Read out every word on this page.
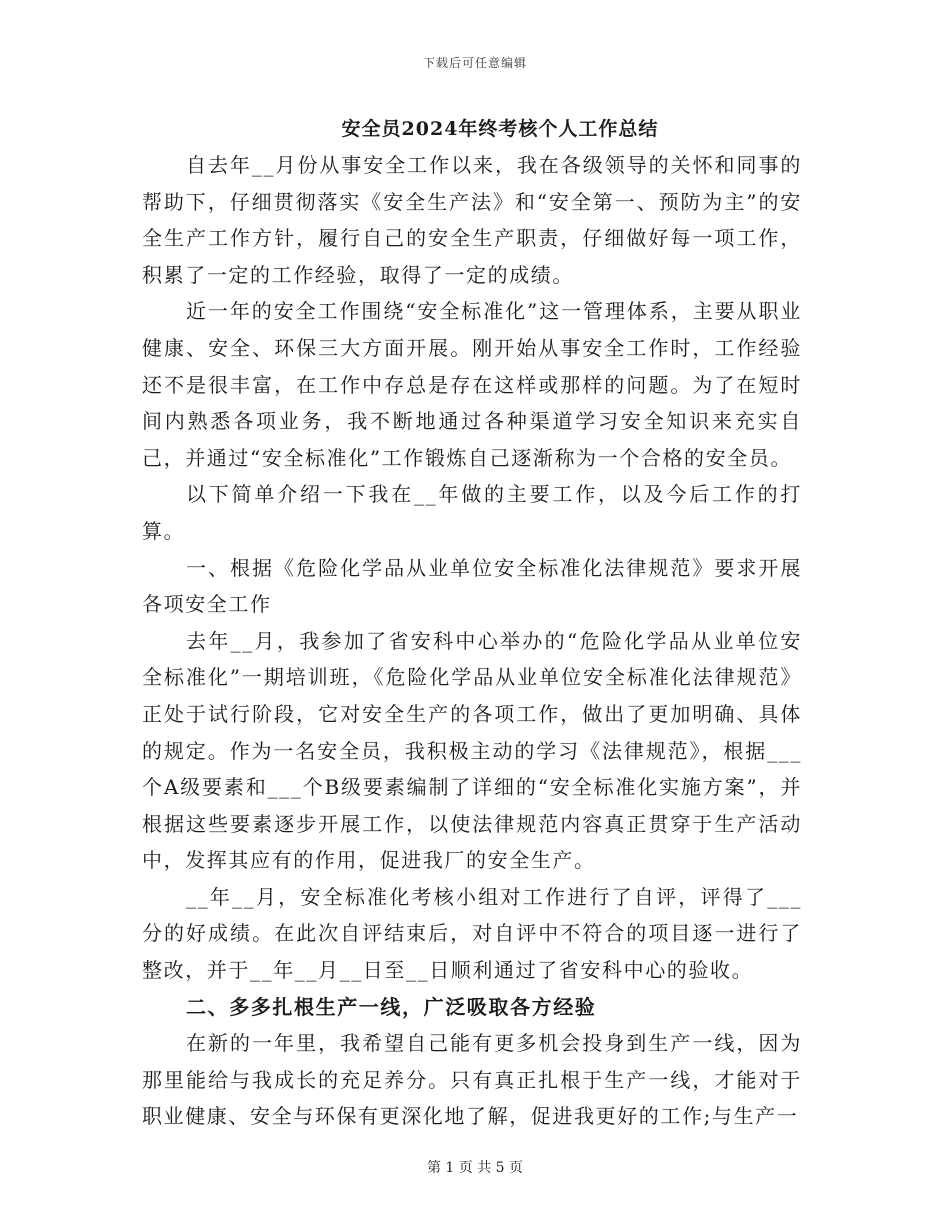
下载后可任意编辑
安全员2024年终考核个人工作总结

自去年__月份从事安全工作以来，我在各级领导的关怀和同事的帮助下，仔细贯彻落实《安全生产法》和“安全第一、预防为主”的安全生产工作方针，履行自己的安全生产职责，仔细做好每一项工作，积累了一定的工作经验，取得了一定的成绩。

近一年的安全工作围绕“安全标准化”这一管理体系，主要从职业健康、安全、环保三大方面开展。刚开始从事安全工作时，工作经验还不是很丰富，在工作中存总是存在这样或那样的问题。为了在短时间内熟悉各项业务，我不断地通过各种渠道学习安全知识来充实自己，并通过“安全标准化”工作锻炼自己逐渐称为一个合格的安全员。

以下简单介绍一下我在__年做的主要工作，以及今后工作的打算。

一、根据《危险化学品从业单位安全标准化法律规范》要求开展各项安全工作

去年__月，我参加了省安科中心举办的“危险化学品从业单位安全标准化”一期培训班，《危险化学品从业单位安全标准化法律规范》正处于试行阶段，它对安全生产的各项工作，做出了更加明确、具体的规定。作为一名安全员，我积极主动的学习《法律规范》，根据___个A级要素和___个B级要素编制了详细的“安全标准化实施方案”，并根据这些要素逐步开展工作，以使法律规范内容真正贯穿于生产活动中，发挥其应有的作用，促进我厂的安全生产。

__年__月，安全标准化考核小组对工作进行了自评，评得了___分的好成绩。在此次自评结束后，对自评中不符合的项目逐一进行了整改，并于__年__月__日至__日顺利通过了省安科中心的验收。

二、多多扎根生产一线，广泛吸取各方经验

在新的一年里，我希望自己能有更多机会投身到生产一线，因为那里能给与我成长的充足养分。只有真正扎根于生产一线，才能对于职业健康、安全与环保有更深化地了解，促进我更好的工作;与生产一

第 1 页 共 5 页
